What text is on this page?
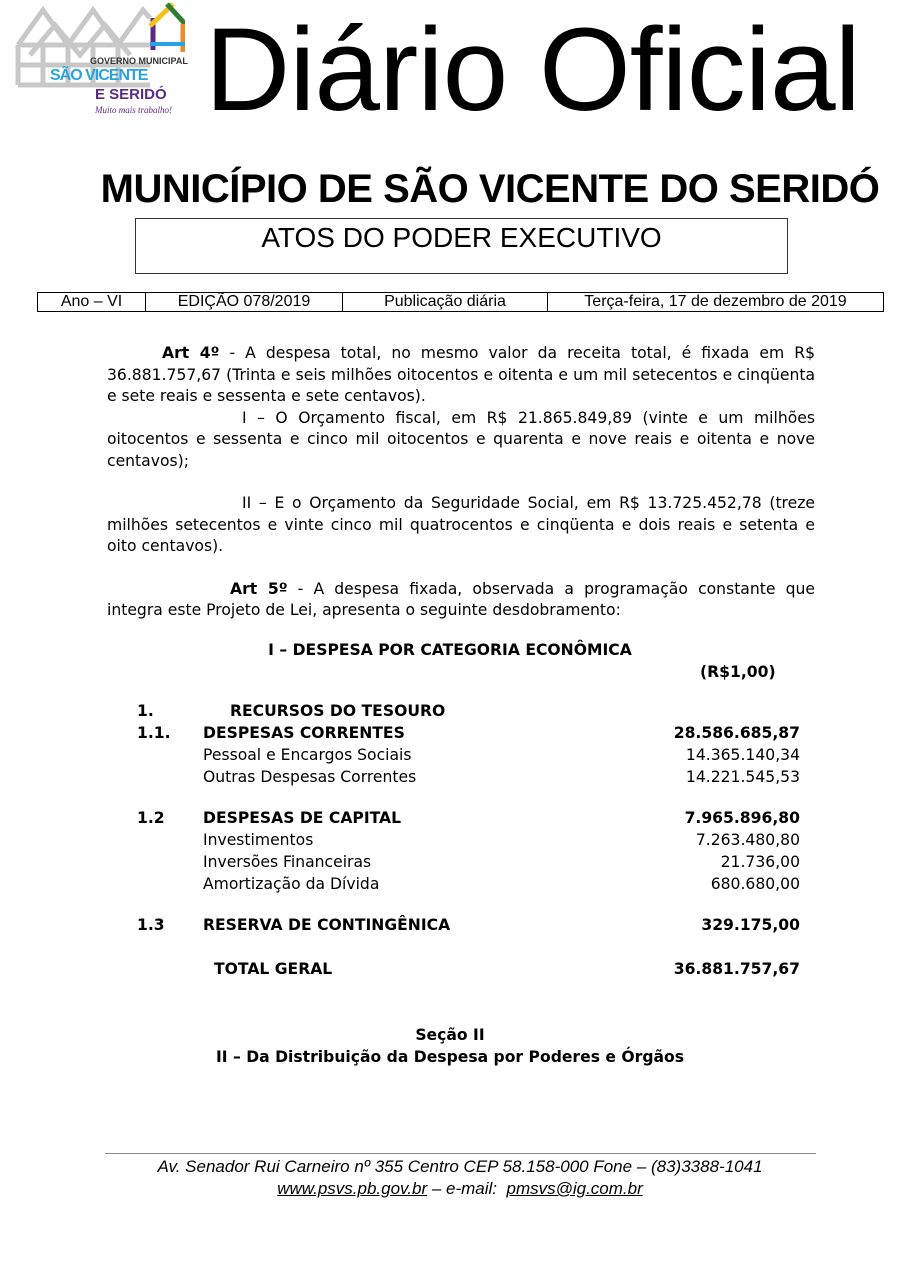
GOVERNO MUNICIPAL
SÃO VICENTE
E SERIDÓ
Muito mais trabalho! Diário Oficial
MUNICÍPIO DE SÃO VICENTE DO SERIDÓ
ATOS DO PODER EXECUTIVO
Ano – VI	EDIÇÃO 078/2019	Publicação diária	Terça-feira, 17 de dezembro de 2019
Art 4º - A despesa total, no mesmo valor da receita total, é fixada em R$ 36.881.757,67 (Trinta e seis milhões oitocentos e oitenta e um mil setecentos e cinqüenta e sete reais e sessenta e sete centavos).
I – O Orçamento fiscal, em R$ 21.865.849,89 (vinte e um milhões oitocentos e sessenta e cinco mil oitocentos e quarenta e nove reais e oitenta e nove centavos);
II – E o Orçamento da Seguridade Social, em R$ 13.725.452,78 (treze milhões setecentos e vinte cinco mil quatrocentos e cinqüenta e dois reais e setenta e oito centavos).
Art 5º - A despesa fixada, observada a programação constante que integra este Projeto de Lei, apresenta o seguinte desdobramento:
I – DESPESA POR CATEGORIA ECONÔMICA
(R$1,00)
1.	RECURSOS DO TESOURO
1.1. DESPESAS CORRENTES	28.586.685,87
Pessoal e Encargos Sociais	14.365.140,34
Outras Despesas Correntes	14.221.545,53
1.2 DESPESAS DE CAPITAL	7.965.896,80
Investimentos	7.263.480,80
Inversões Financeiras	21.736,00
Amortização da Dívida	680.680,00
1.3 RESERVA DE CONTINGÊNICA	329.175,00
TOTAL GERAL	36.881.757,67
Seção II
II – Da Distribuição da Despesa por Poderes e Órgãos
Av. Senador Rui Carneiro nº 355 Centro CEP 58.158-000 Fone – (83)3388-1041
www.psvs.pb.gov.br – e-mail:  pmsvs@ig.com.br
